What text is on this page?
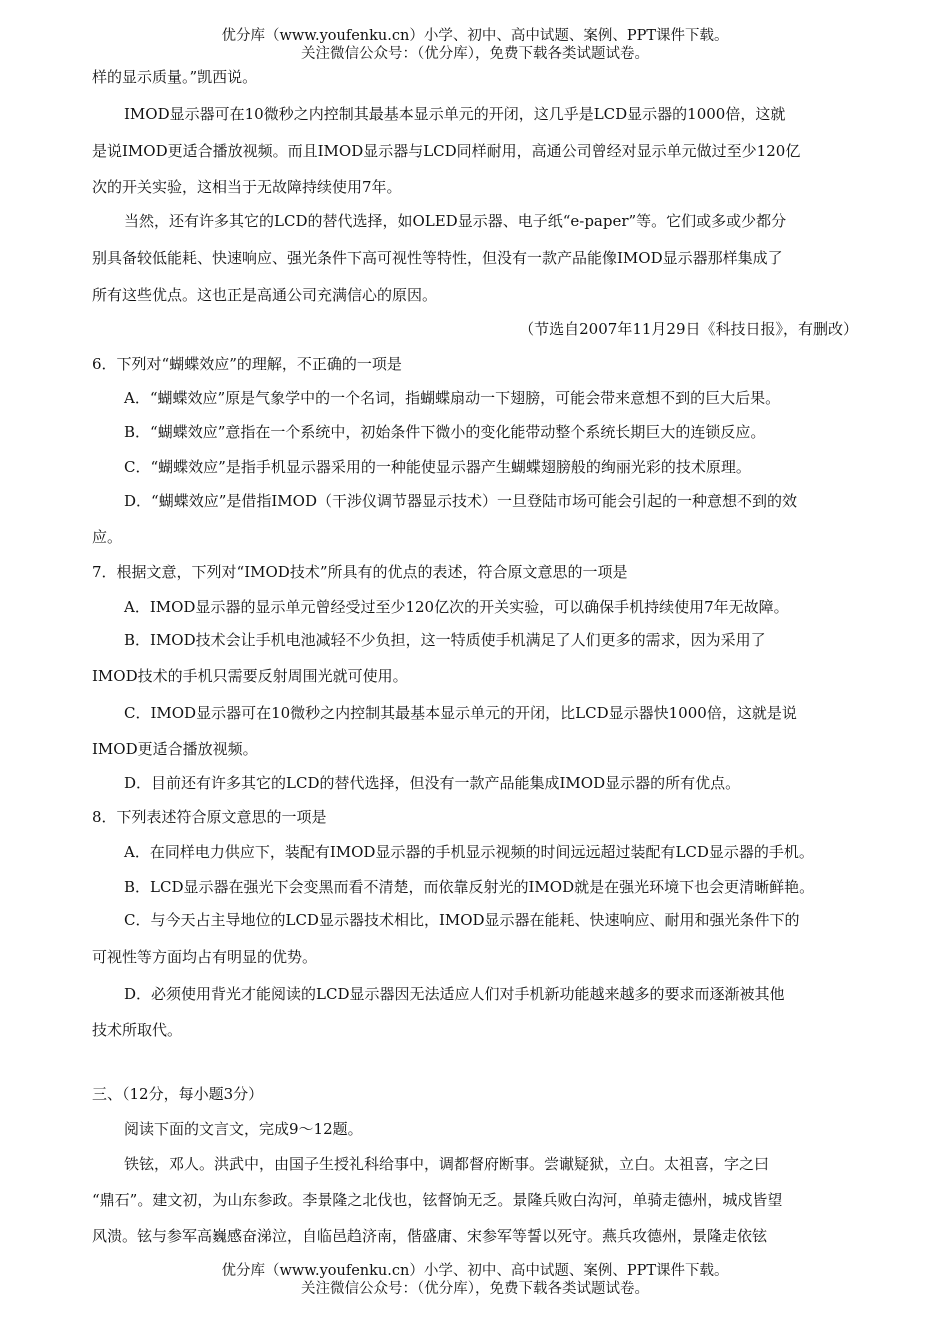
优分库（www.youfenku.cn）小学、初中、高中试题、案例、PPT课件下载。
关注微信公众号：（优分库），免费下载各类试题试卷。
样的显示质量。”凯西说。
IMOD显示器可在10微秒之内控制其最基本显示单元的开闭，这几乎是LCD显示器的1000倍，这就
是说IMOD更适合播放视频。而且IMOD显示器与LCD同样耐用，高通公司曾经对显示单元做过至少120亿
次的开关实验，这相当于无故障持续使用7年。
当然，还有许多其它的LCD的替代选择，如OLED显示器、电子纸“e-paper”等。它们或多或少都分
别具备较低能耗、快速响应、强光条件下高可视性等特性，但没有一款产品能像IMOD显示器那样集成了
所有这些优点。这也正是高通公司充满信心的原因。
（节选自2007年11月29日《科技日报》，有删改）
6．下列对“蝴蝶效应”的理解，不正确的一项是
A．“蝴蝶效应”原是气象学中的一个名词，指蝴蝶扇动一下翅膀，可能会带来意想不到的巨大后果。
B．“蝴蝶效应”意指在一个系统中，初始条件下微小的变化能带动整个系统长期巨大的连锁反应。
C．“蝴蝶效应”是指手机显示器采用的一种能使显示器产生蝴蝶翅膀般的绚丽光彩的技术原理。
D．“蝴蝶效应”是借指IMOD（干涉仪调节器显示技术）一旦登陆市场可能会引起的一种意想不到的效
应。
7．根据文意，下列对“IMOD技术”所具有的优点的表述，符合原文意思的一项是
A．IMOD显示器的显示单元曾经受过至少120亿次的开关实验，可以确保手机持续使用7年无故障。
B．IMOD技术会让手机电池减轻不少负担，这一特质使手机满足了人们更多的需求，因为采用了
IMOD技术的手机只需要反射周围光就可使用。
C．IMOD显示器可在10微秒之内控制其最基本显示单元的开闭，比LCD显示器快1000倍，这就是说
IMOD更适合播放视频。
D．目前还有许多其它的LCD的替代选择，但没有一款产品能集成IMOD显示器的所有优点。
8．下列表述符合原文意思的一项是
A．在同样电力供应下，装配有IMOD显示器的手机显示视频的时间远远超过装配有LCD显示器的手机。
B．LCD显示器在强光下会变黑而看不清楚，而依靠反射光的IMOD就是在强光环境下也会更清晰鲜艳。
C．与今天占主导地位的LCD显示器技术相比，IMOD显示器在能耗、快速响应、耐用和强光条件下的
可视性等方面均占有明显的优势。
D．必须使用背光才能阅读的LCD显示器因无法适应人们对手机新功能越来越多的要求而逐渐被其他
技术所取代。
三、（12分，每小题3分）
阅读下面的文言文，完成9～12题。
铁铉，邓人。洪武中，由国子生授礼科给事中，调都督府断事。尝谳疑狱，立白。太祖喜，字之曰
“鼎石”。建文初，为山东参政。李景隆之北伐也，铉督饷无乏。景隆兵败白沟河，单骑走德州，城戍皆望
风溃。铉与参军高巍感奋涕泣，自临邑趋济南，偕盛庸、宋参军等誓以死守。燕兵攻德州，景隆走依铉
优分库（www.youfenku.cn）小学、初中、高中试题、案例、PPT课件下载。
关注微信公众号：（优分库），免费下载各类试题试卷。
